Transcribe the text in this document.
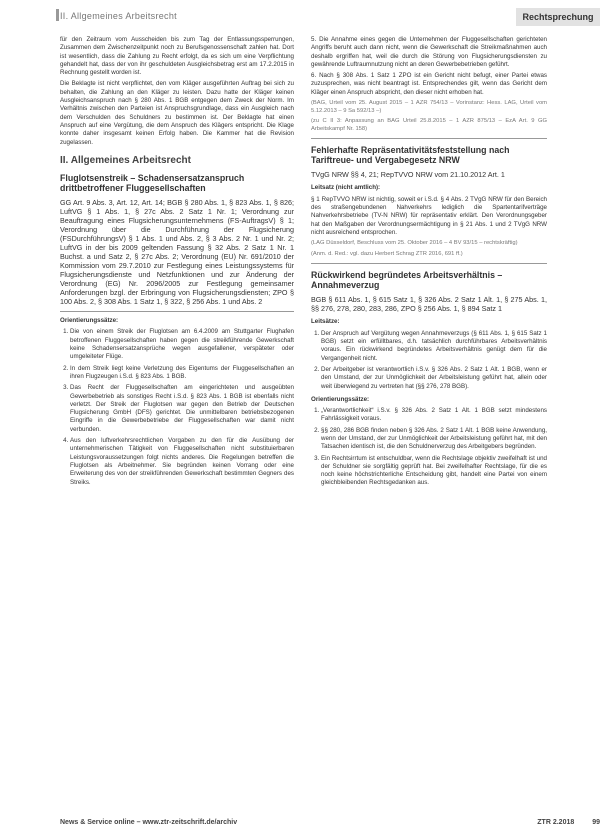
II. Allgemeines Arbeitsrecht	Rechtsprechung

für den Zeitraum vom Ausscheiden bis zum Tag der Entlassungssperrungen, Zusammen dem Zwischenzeitpunkt noch zu Berufsgenossenschaft zahlen hat. Dort ist wesentlich, dass die Zahlung zu Recht erfolgt, da es sich um eine Verpflichtung gehandelt hat, dass der von ihr geschuldeten Ausgleichsbetrag erst am 17.2.2015 in Rechnung gestellt worden ist.

Die Beklagte ist nicht verpflichtet, den vom Kläger ausgeführten Auftrag bei sich zu behalten, die Zahlung an den Kläger zu leisten. Dazu hatte der Kläger keinen Ausgleichsanspruch nach § 280 Abs. 1 BGB entgegen dem Zweck der Norm. Im Verhältnis zwischen den Parteien ist Anspruchsgrundlage, dass ein Ausgleich nach dem Verschulden des Schuldners zu bestimmen ist. Der Beklagte hat einen Anspruch auf eine Vergütung, die dem Anspruch des Klägers entspricht. Die Klage konnte daher insgesamt keinen Erfolg haben. Die Kammer hat die Revision zugelassen.

II. Allgemeines Arbeitsrecht
Fluglotsenstreik – Schadensersatzanspruch drittbetroffener Fluggesellschaften

GG Art. 9 Abs. 3, Art. 12, Art. 14; BGB § 280 Abs. 1, § 823 Abs. 1, § 826; LuftVG § 1 Abs. 1, § 27c Abs. 2 Satz 1 Nr. 1; Verordnung zur Beauftragung eines Flugsicherungsunternehmens (FS-AuftragsV) § 1; Verordnung über die Durchführung der Flugsicherung (FSDurchführungsV) § 1 Abs. 1 und Abs. 2, § 3 Abs. 2 Nr. 1 und Nr. 2; LuftVG in der bis 2009 geltenden Fassung § 32 Abs. 2 Satz 1 Nr. 1 Buchst. a und Satz 2, § 27c Abs. 2; Verordnung (EU) Nr. 691/2010 der Kommission vom 29.7.2010 zur Festlegung eines Leistungssystems für Flugsicherungsdienste und Netzfunktionen und zur Änderung der Verordnung (EG) Nr. 2096/2005 zur Festlegung gemeinsamer Anforderungen bzgl. der Erbringung von Flugsicherungsdiensten; ZPO § 100 Abs. 2, § 308 Abs. 1 Satz 1, § 322, § 256 Abs. 1 und Abs. 2

Orientierungssätze:
1. Die von einem Streik der Fluglotsen am 6.4.2009 am Stuttgarter Flughafen betroffenen Fluggesellschaften haben gegen die streikführende Gewerkschaft keine Schadensersatzansprüche wegen ausgefallener, verspäteter oder umgeleiteter Flüge.
2. In dem Streik liegt keine Verletzung des Eigentums der Fluggesellschaften an ihren Flugzeugen i.S.d. § 823 Abs. 1 BGB.
3. Das Recht der Fluggesellschaften am eingerichteten und ausgeübten Gewerbebetrieb als sonstiges Recht i.S.d. § 823 Abs. 1 BGB ist ebenfalls nicht verletzt. Der Streik der Fluglotsen war gegen den Betrieb der Deutschen Flugsicherung GmbH (DFS) gerichtet. Die unmittelbaren betriebsbezogenen Eingriffe in die Gewerbebetriebe der Fluggesellschaften war damit nicht verbunden.
4. Aus den luftverkehrsrechtlichen Vorgaben zu den für die Ausübung der unternehmerischen Tätigkeit von Fluggesellschaften nicht substituierbaren Leistungsvoraussetzungen folgt nichts anderes. Die Regelungen betreffen die Fluglotsen als Arbeitnehmer. Sie begründen keinen Vorrang oder eine Erweiterung des von der streikführenden Gewerkschaft bestimmten Gegners des Streiks.

5. Die Annahme eines gegen die Unternehmen der Fluggesellschaften gerichteten Angriffs beruht auch dann nicht, wenn die Gewerkschaft die Streikmaßnahmen auch deshalb ergriffen hat, weil die durch die Störung von Flugsicherungsdiensten zu gewährende Luftraumnutzung nicht an deren Gewerbebetrieben geführt.

6. Nach § 308 Abs. 1 Satz 1 ZPO ist ein Gericht nicht befugt, einer Partei etwas zuzusprechen, was nicht beantragt ist. Entsprechendes gilt, wenn das Gericht dem Kläger einen Anspruch abspricht, den dieser nicht erhoben hat.

(BAG, Urteil vom 25. August 2015 – 1 AZR 754/13 – Vorinstanz: Hess. LAG, Urteil vom 5.12.2013 – 9 Sa 592/13 –)

(zu C II 3: Anpassung an BAG Urteil 25.8.2015 – 1 AZR 875/13 – EzA Art. 9 GG Arbeitskampf Nr. 158)

Fehlerhafte Repräsentativitätsfeststellung nach Tariftreue- und Vergabegesetz NRW

TVgG NRW §§ 4, 21; RepTVVO NRW vom 21.10.2012 Art. 1

Leitsatz (nicht amtlich):

§ 1 RepTVVO NRW ist nichtig, soweit er i.S.d. § 4 Abs. 2 TVgG NRW für den Bereich des straßengebundenen Nahverkehrs lediglich die Spartentarifverträge Nahverkehrsbetriebe (TV-N NRW) für repräsentativ erklärt. Den Verordnungsgeber hat den Maßgaben der Verordnungsermächtigung in § 21 Abs. 1 und 2 TVgG NRW nicht ausreichend entsprochen.

(LAG Düsseldorf, Beschluss vom 25. Oktober 2016 – 4 BV 93/15 – rechtskräftig)

(Anm. d. Red.: vgl. dazu Herbert Schrag ZTR 2016, 691 ff.)

Rückwirkend begründetes Arbeitsverhältnis – Annahmeverzug

BGB § 611 Abs. 1, § 615 Satz 1, § 326 Abs. 2 Satz 1 Alt. 1, § 275 Abs. 1, §§ 276, 278, 280, 283, 286, ZPO § 256 Abs. 1, § 894 Satz 1

Leitsätze:
1. Der Anspruch auf Vergütung wegen Annahmeverzugs (§ 611 Abs. 1, § 615 Satz 1 BGB) setzt ein erfülltbares, d.h. tatsächlich durchführbares Arbeitsverhältnis voraus. Ein rückwirkend begründetes Arbeitsverhältnis genügt dem für die Vergangenheit nicht.
2. Der Arbeitgeber ist verantwortlich i.S.v. § 326 Abs. 2 Satz 1 Alt. 1 BGB, wenn er den Umstand, der zur Unmöglichkeit der Arbeitsleistung geführt hat, allein oder weit überwiegend zu vertreten hat (§§ 276, 278 BGB).
Orientierungssätze:
1. „Verantwortlichkeit“ i.S.v. § 326 Abs. 2 Satz 1 Alt. 1 BGB setzt mindestens Fahrlässigkeit voraus.
2. §§ 280, 286 BGB finden neben § 326 Abs. 2 Satz 1 Alt. 1 BGB keine Anwendung, wenn der Umstand, der zur Unmöglichkeit der Arbeitsleistung geführt hat, mit den Tatsachen identisch ist, die den Schuldnerverzug des Arbeitgebers begründen.
3. Ein Rechtsirrtum ist entschuldbar, wenn die Rechtslage objektiv zweifelhaft ist und der Schuldner sie sorgfältig geprüft hat. Bei zweifelhafter Rechtslage, für die es noch keine höchstrichterliche Entscheidung gibt, handelt eine Partei von einem gleichbleibenden Rechtsgedanken aus.
News & Service online – www.ztr-zeitschrift.de/archiv	ZTR 2.2018	99
